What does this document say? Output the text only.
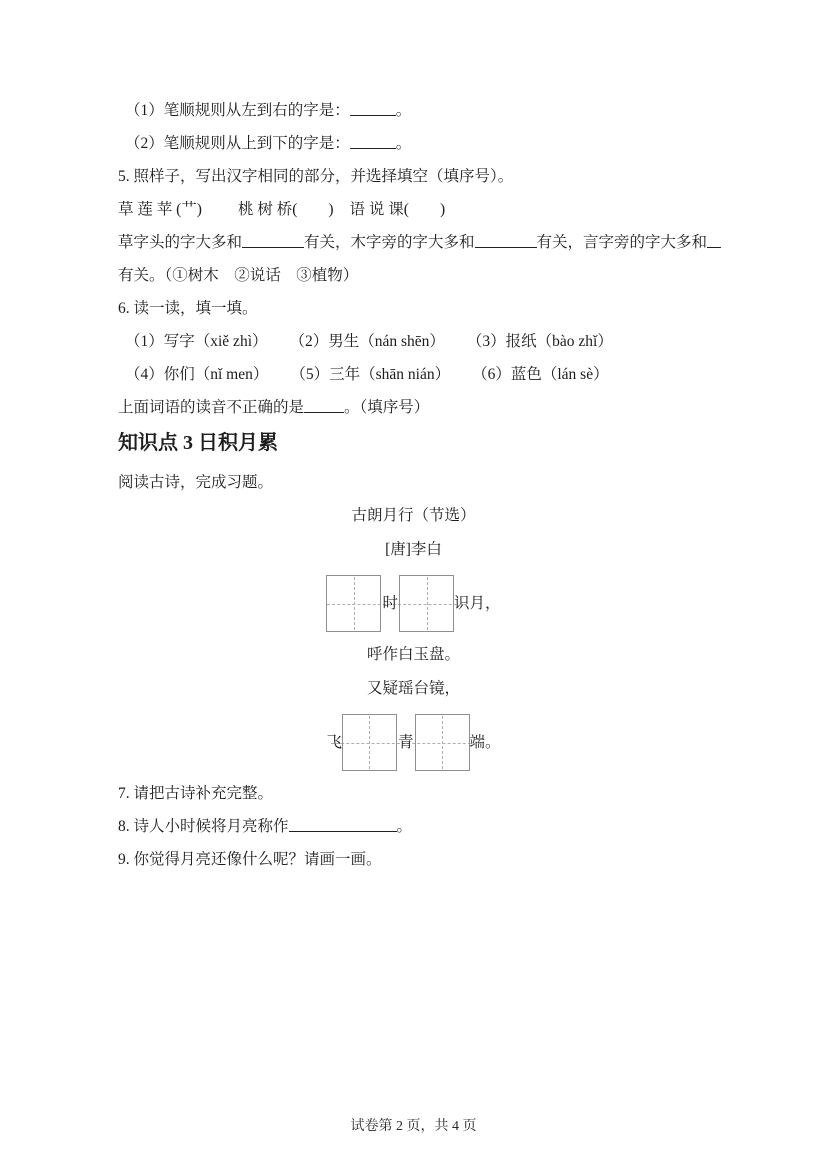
（1）笔顺规则从左到右的字是：	。

（2）笔顺规则从上到下的字是：	。

5. 照样子，写出汉字相同的部分，并选择填空（填序号）。

草 莲 苹 (艹) 桃 树 桥(　　) 语 说 课(　　)

草字头的字大多和	有关，木字旁的字大多和	有关，言字旁的字大多和

有关。（①树木　②说话　③植物）

6. 读一读，填一填。

（1）写字（xiě zhì） （2）男生（nán shēn） （3）报纸（bào zhǐ）
（4）你们（nǐ men） （5）三年（shān nián） （6）蓝色（lán sè）

上面词语的读音不正确的是	。（填序号）

知识点 3 日积月累

阅读古诗，完成习题。

古朗月行（节选）

[唐]李白

时	识月，

呼作白玉盘。

又疑瑶台镜，

飞	青	端。

7. 请把古诗补充完整。

8. 诗人小时候将月亮称作	。

9. 你觉得月亮还像什么呢？请画一画。

试卷第 2 页，共 4 页
